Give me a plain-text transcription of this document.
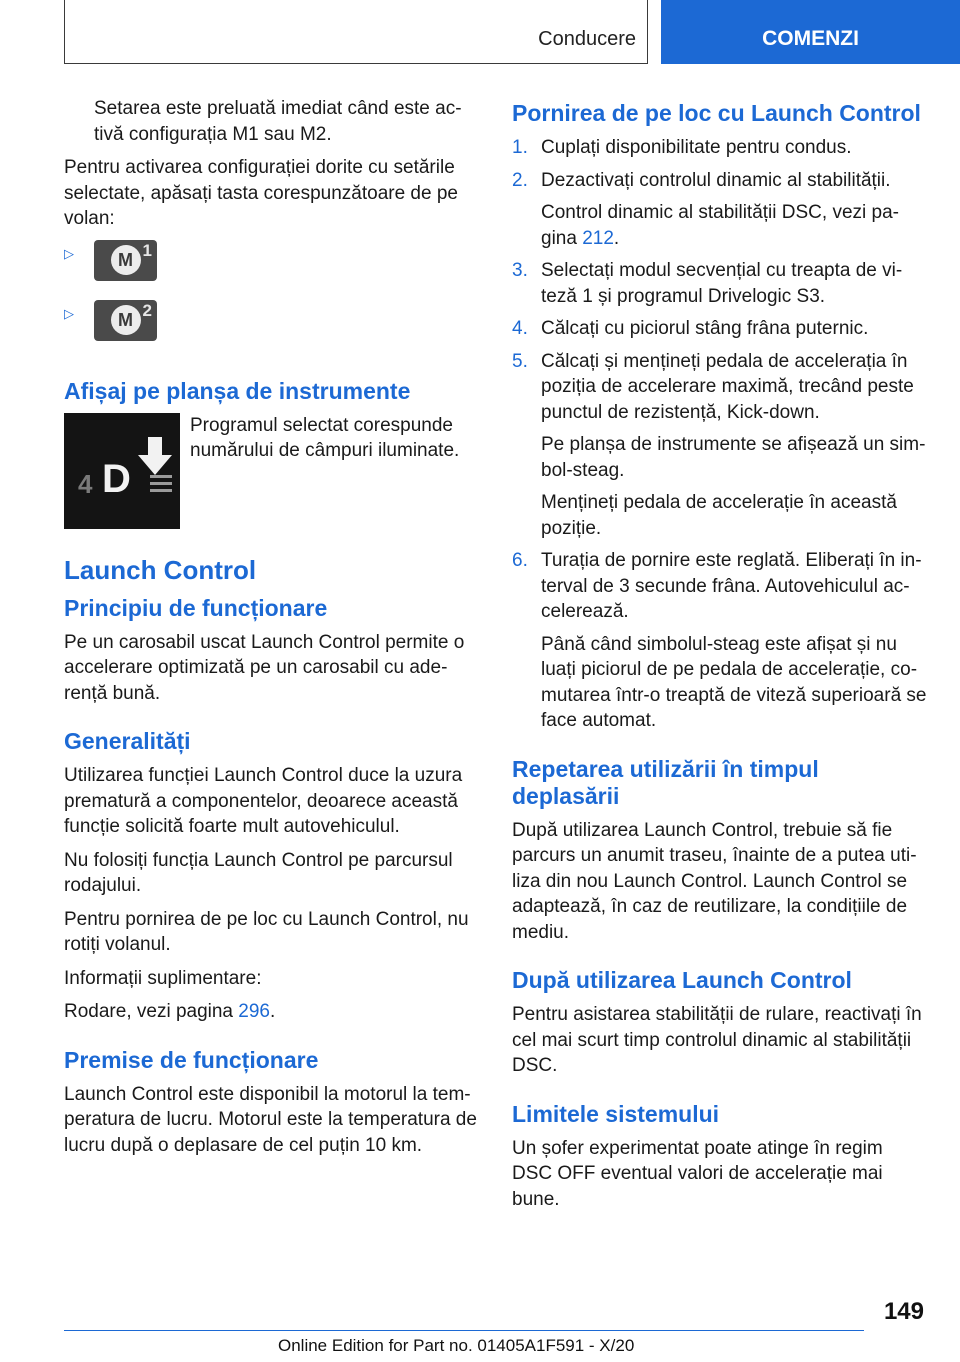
Conducere	COMENZI

Setarea este preluată imediat când este activă configurația M1 sau M2.

Pentru activarea configurației dorite cu setările selectate, apăsați tasta corespunzătoare de pe volan:

▷	M 1
▷	M 2
Afișaj pe planșa de instrumente
4 D

Programul selectat corespunde numărului de câmpuri iluminate.

Launch Control
Principiu de funcționare

Pe un carosabil uscat Launch Control permite o accelerare optimizată pe un carosabil cu aderență bună.

Generalități

Utilizarea funcției Launch Control duce la uzura prematură a componentelor, deoarece această funcție solicită foarte mult autovehiculul.

Nu folosiți funcția Launch Control pe parcursul rodajului.

Pentru pornirea de pe loc cu Launch Control, nu rotiți volanul.

Informații suplimentare:

Rodare, vezi pagina 296.

Premise de funcționare

Launch Control este disponibil la motorul la temperatura de lucru. Motorul este la temperatura de lucru după o deplasare de cel puțin 10 km.

Pornirea de pe loc cu Launch Control
1. Cuplați disponibilitate pentru condus.

2. Dezactivați controlul dinamic al stabilității.

Control dinamic al stabilității DSC, vezi pagina 212.

3. Selectați modul secvențial cu treapta de viteză 1 și programul Drivelogic S3.

4. Călcați cu piciorul stâng frâna puternic.

5. Călcați și mențineți pedala de accelerația în poziția de accelerare maximă, trecând peste punctul de rezistență, Kick-down.

Pe planșa de instrumente se afișează un simbol-steag.

Mențineți pedala de accelerație în această poziție.

6. Turația de pornire este reglată. Eliberați în interval de 3 secunde frâna. Autovehiculul accelerează.

Până când simbolul-steag este afișat și nu luați piciorul de pe pedala de accelerație, comutarea într-o treaptă de viteză superioară se face automat.

Repetarea utilizării în timpul deplasării

După utilizarea Launch Control, trebuie să fie parcurs un anumit traseu, înainte de a putea utiliza din nou Launch Control. Launch Control se adaptează, în caz de reutilizare, la condițiile de mediu.

După utilizarea Launch Control

Pentru asistarea stabilității de rulare, reactivați în cel mai scurt timp controlul dinamic al stabilității DSC.

Limitele sistemului

Un șofer experimentat poate atinge în regim DSC OFF eventual valori de accelerație mai bune.

149
Online Edition for Part no. 01405A1F591 - X/20
